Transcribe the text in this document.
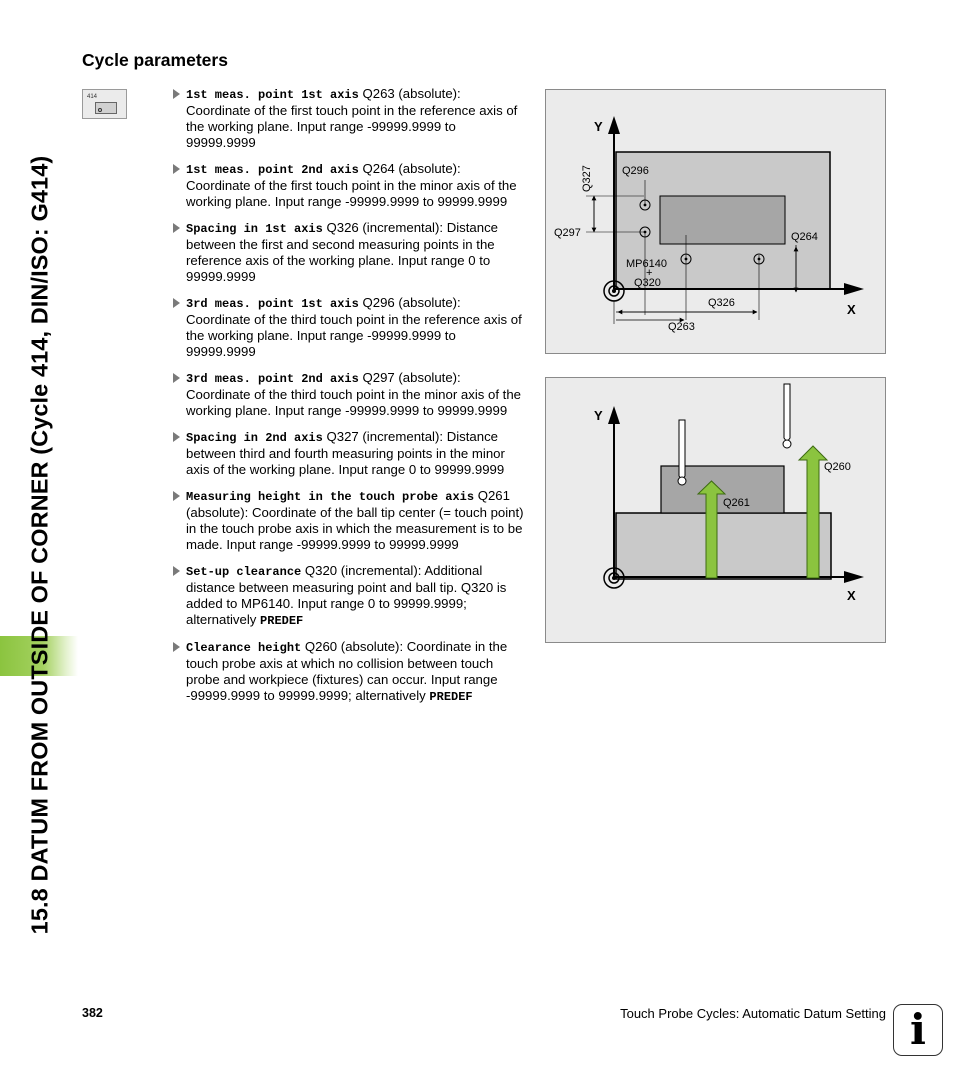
15.8 DATUM FROM OUTSIDE OF CORNER (Cycle 414, DIN/ISO: G414)
Cycle parameters
414	1st meas. point 1st axis Q263 (absolute): Coordinate of the first touch point in the reference axis of the working plane. Input range -99999.9999 to 99999.9999
1st meas. point 2nd axis Q264 (absolute): Coordinate of the first touch point in the minor axis of the working plane. Input range -99999.9999 to 99999.9999
Spacing in 1st axis Q326 (incremental): Distance between the first and second measuring points in the reference axis of the working plane. Input range 0 to 99999.9999
3rd meas. point 1st axis Q296 (absolute): Coordinate of the third touch point in the reference axis of the working plane. Input range -99999.9999 to 99999.9999
3rd meas. point 2nd axis Q297 (absolute): Coordinate of the third touch point in the minor axis of the working plane. Input range -99999.9999 to 99999.9999
Spacing in 2nd axis Q327 (incremental): Distance between third and fourth measuring points in the minor axis of the working plane. Input range 0 to 99999.9999
Measuring height in the touch probe axis Q261 (absolute): Coordinate of the ball tip center (= touch point) in the touch probe axis in which the measurement is to be made. Input range -99999.9999 to 99999.9999
Set-up clearance Q320 (incremental): Additional distance between measuring point and ball tip. Q320 is added to MP6140. Input range 0 to 99999.9999; alternatively PREDEF
Clearance height Q260 (absolute): Coordinate in the touch probe axis at which no collision between touch probe and workpiece (fixtures) can occur. Input range -99999.9999 to 99999.9999; alternatively PREDEF
Y
X
Q327	Q296
Q297	Q264
MP6140
+
Q320
Q326
Q263
Y
X
Q260
Q261
382	Touch Probe Cycles: Automatic Datum Setting i
